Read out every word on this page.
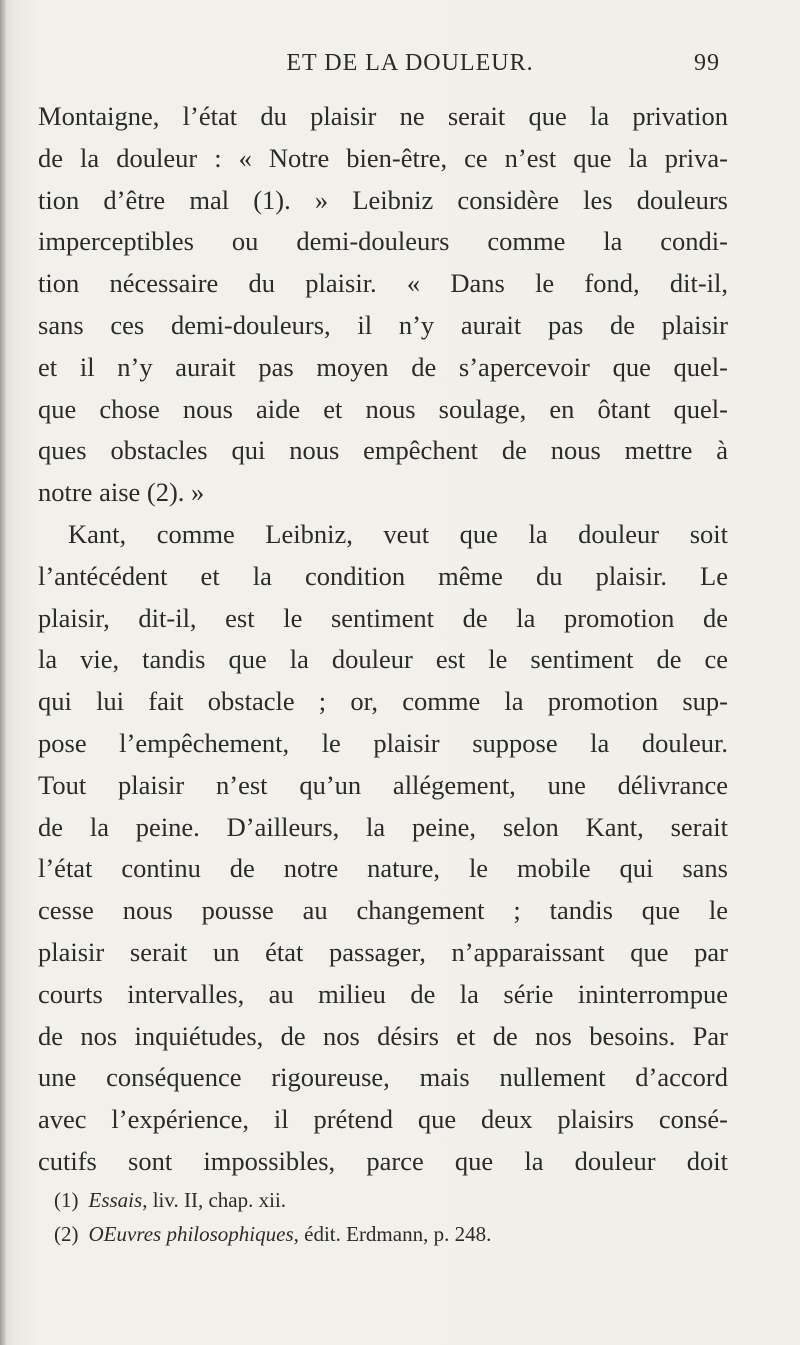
ET DE LA DOULEUR.	99
Montaigne, l’état du plaisir ne serait que la privation
de la douleur : « Notre bien-être, ce n’est que la priva-
tion d’être mal (1). » Leibniz considère les douleurs
imperceptibles ou demi-douleurs comme la condi-
tion nécessaire du plaisir. « Dans le fond, dit-il,
sans ces demi-douleurs, il n’y aurait pas de plaisir
et il n’y aurait pas moyen de s’apercevoir que quel-
que chose nous aide et nous soulage, en ôtant quel-
ques obstacles qui nous empêchent de nous mettre à
notre aise (2). »
Kant, comme Leibniz, veut que la douleur soit
l’antécédent et la condition même du plaisir. Le
plaisir, dit-il, est le sentiment de la promotion de
la vie, tandis que la douleur est le sentiment de ce
qui lui fait obstacle ; or, comme la promotion sup-
pose l’empêchement, le plaisir suppose la douleur.
Tout plaisir n’est qu’un allégement, une délivrance
de la peine. D’ailleurs, la peine, selon Kant, serait
l’état continu de notre nature, le mobile qui sans
cesse nous pousse au changement ; tandis que le
plaisir serait un état passager, n’apparaissant que par
courts intervalles, au milieu de la série ininterrompue
de nos inquiétudes, de nos désirs et de nos besoins. Par
une conséquence rigoureuse, mais nullement d’accord
avec l’expérience, il prétend que deux plaisirs consé-
cutifs sont impossibles, parce que la douleur doit
(1) Essais, liv. II, chap. xii.
(2) OEuvres philosophiques, édit. Erdmann, p. 248.
